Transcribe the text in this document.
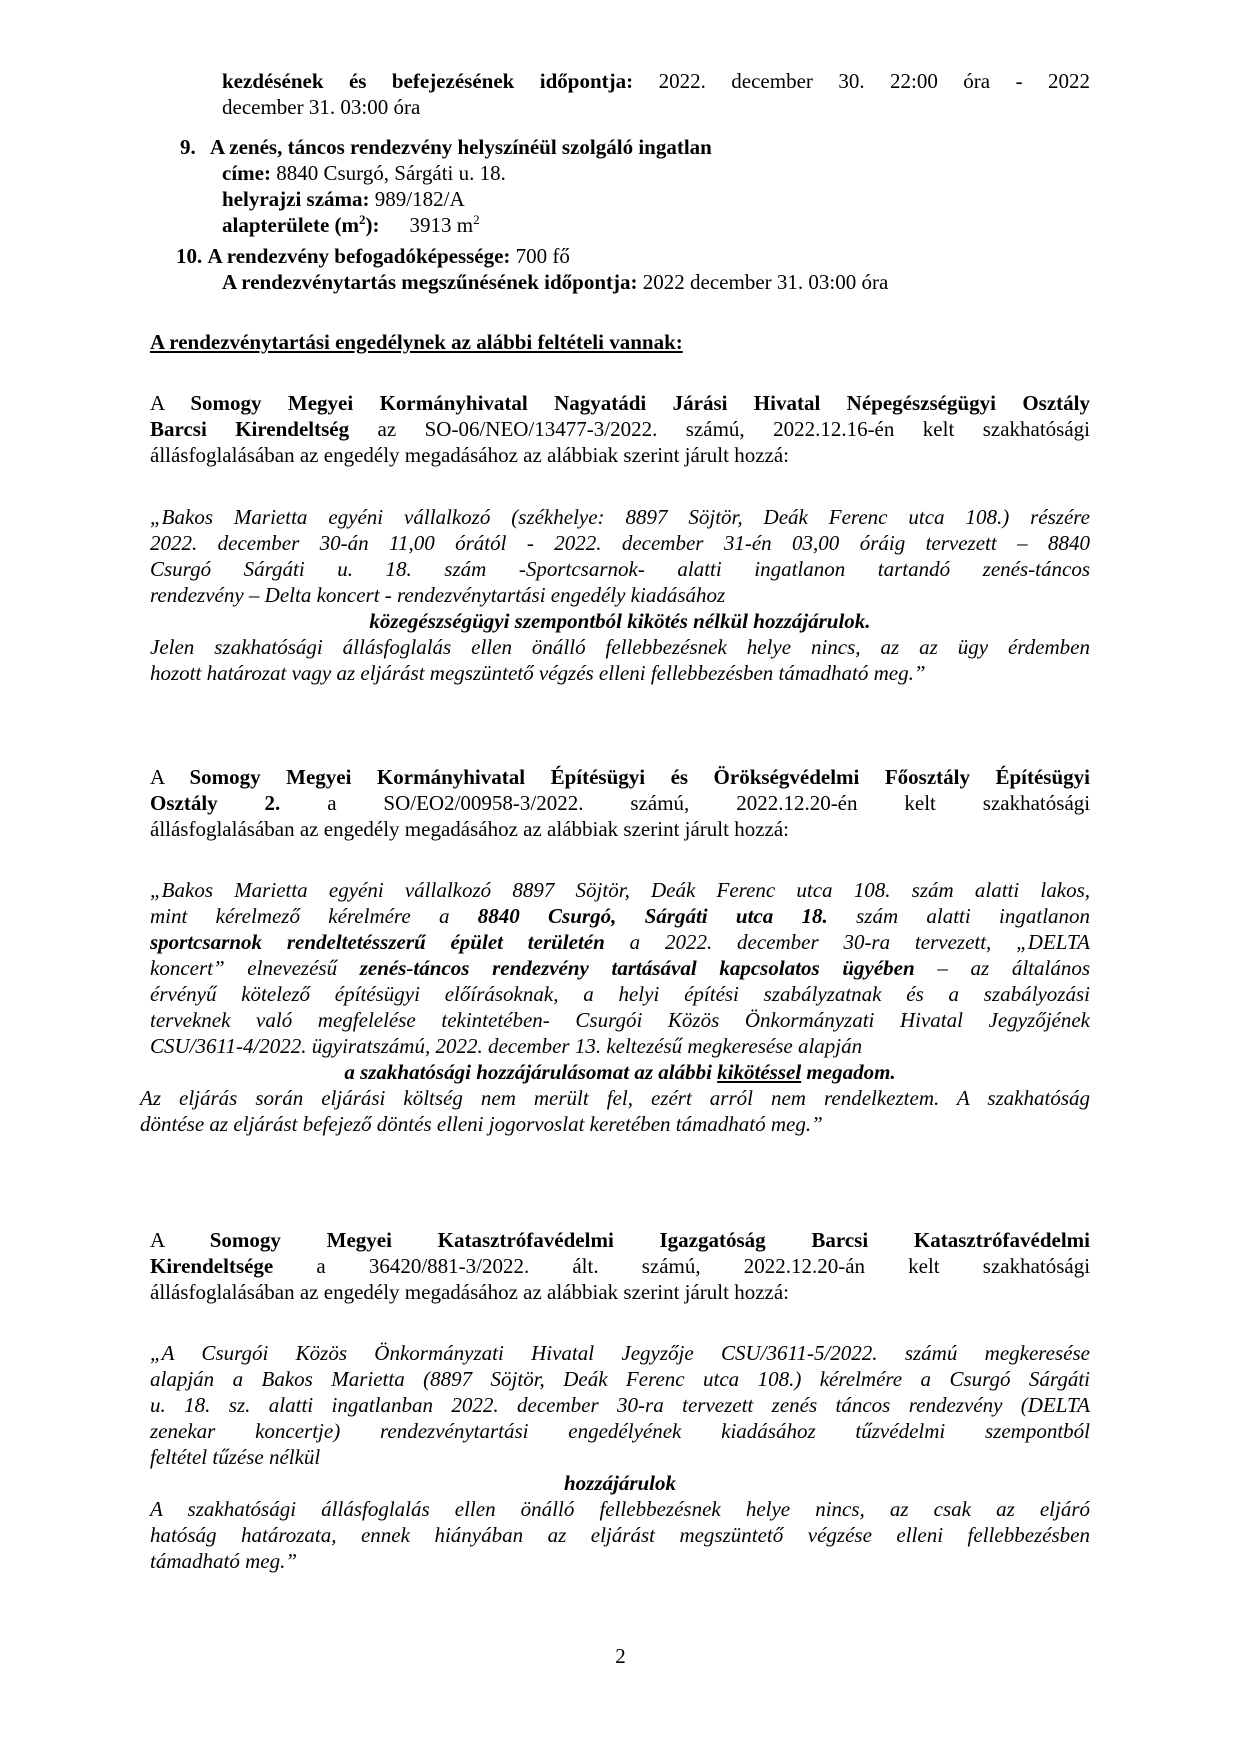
kezdésének és befejezésének időpontja: 2022. december 30. 22:00 óra - 2022
december 31. 03:00 óra
9. A zenés, táncos rendezvény helyszínéül szolgáló ingatlan
címe: 8840 Csurgó, Sárgáti u. 18.
helyrajzi száma: 989/182/A
alapterülete $(m^2)$: 3913 $m^2$
10. A rendezvény befogadóképessége: 700 fő
A rendezvénytartás megszűnésének időpontja: 2022 december 31. 03:00 óra
A rendezvénytartási engedélynek az alábbi feltételi vannak:
A Somogy Megyei Kormányhivatal Nagyatádi Járási Hivatal Népegészségügyi Osztály
Barcsi Kirendeltség az SO-06/NEO/13477-3/2022. számú, 2022.12.16-én kelt szakhatósági
állásfoglalásában az engedély megadásához az alábbiak szerint járult hozzá:
„Bakos Marietta egyéni vállalkozó (székhelye: 8897 Söjtör, Deák Ferenc utca 108.) részére
2022. december 30-án 11,00 órától - 2022. december 31-én 03,00 óráig tervezett – 8840
Csurgó Sárgáti u. 18. szám -Sportcsarnok- alatti ingatlanon tartandó zenés-táncos
rendezvény – Delta koncert - rendezvénytartási engedély kiadásához
közegészségügyi szempontból kikötés nélkül hozzájárulok.
Jelen szakhatósági állásfoglalás ellen önálló fellebbezésnek helye nincs, az az ügy érdemben
hozott határozat vagy az eljárást megszüntető végzés elleni fellebbezésben támadható meg.”
A Somogy Megyei Kormányhivatal Építésügyi és Örökségvédelmi Főosztály Építésügyi
Osztály 2. a SO/EO2/00958-3/2022. számú, 2022.12.20-én kelt szakhatósági
állásfoglalásában az engedély megadásához az alábbiak szerint járult hozzá:
„Bakos Marietta egyéni vállalkozó 8897 Söjtör, Deák Ferenc utca 108. szám alatti lakos,
mint kérelmező kérelmére a 8840 Csurgó, Sárgáti utca 18. szám alatti ingatlanon
sportcsarnok rendeltetésszerű épület területén a 2022. december 30-ra tervezett, „DELTA
koncert” elnevezésű zenés-táncos rendezvény tartásával kapcsolatos ügyében – az általános
érvényű kötelező építésügyi előírásoknak, a helyi építési szabályzatnak és a szabályozási
terveknek való megfelelése tekintetében- Csurgói Közös Önkormányzati Hivatal Jegyzőjének
CSU/3611-4/2022. ügyiratszámú, 2022. december 13. keltezésű megkeresése alapján
a szakhatósági hozzájárulásomat az alábbi kikötéssel megadom.
Az eljárás során eljárási költség nem merült fel, ezért arról nem rendelkeztem. A szakhatóság
döntése az eljárást befejező döntés elleni jogorvoslat keretében támadható meg.”
A Somogy Megyei Katasztrófavédelmi Igazgatóság Barcsi Katasztrófavédelmi
Kirendeltsége a 36420/881-3/2022. ált. számú, 2022.12.20-án kelt szakhatósági
állásfoglalásában az engedély megadásához az alábbiak szerint járult hozzá:
„A Csurgói Közös Önkormányzati Hivatal Jegyzője CSU/3611-5/2022. számú megkeresése
alapján a Bakos Marietta (8897 Söjtör, Deák Ferenc utca 108.) kérelmére a Csurgó Sárgáti
u. 18. sz. alatti ingatlanban 2022. december 30-ra tervezett zenés táncos rendezvény (DELTA
zenekar koncertje) rendezvénytartási engedélyének kiadásához tűzvédelmi szempontból
feltétel tűzése nélkül
hozzájárulok
A szakhatósági állásfoglalás ellen önálló fellebbezésnek helye nincs, az csak az eljáró
hatóság határozata, ennek hiányában az eljárást megszüntető végzése elleni fellebbezésben
támadható meg.”
2
